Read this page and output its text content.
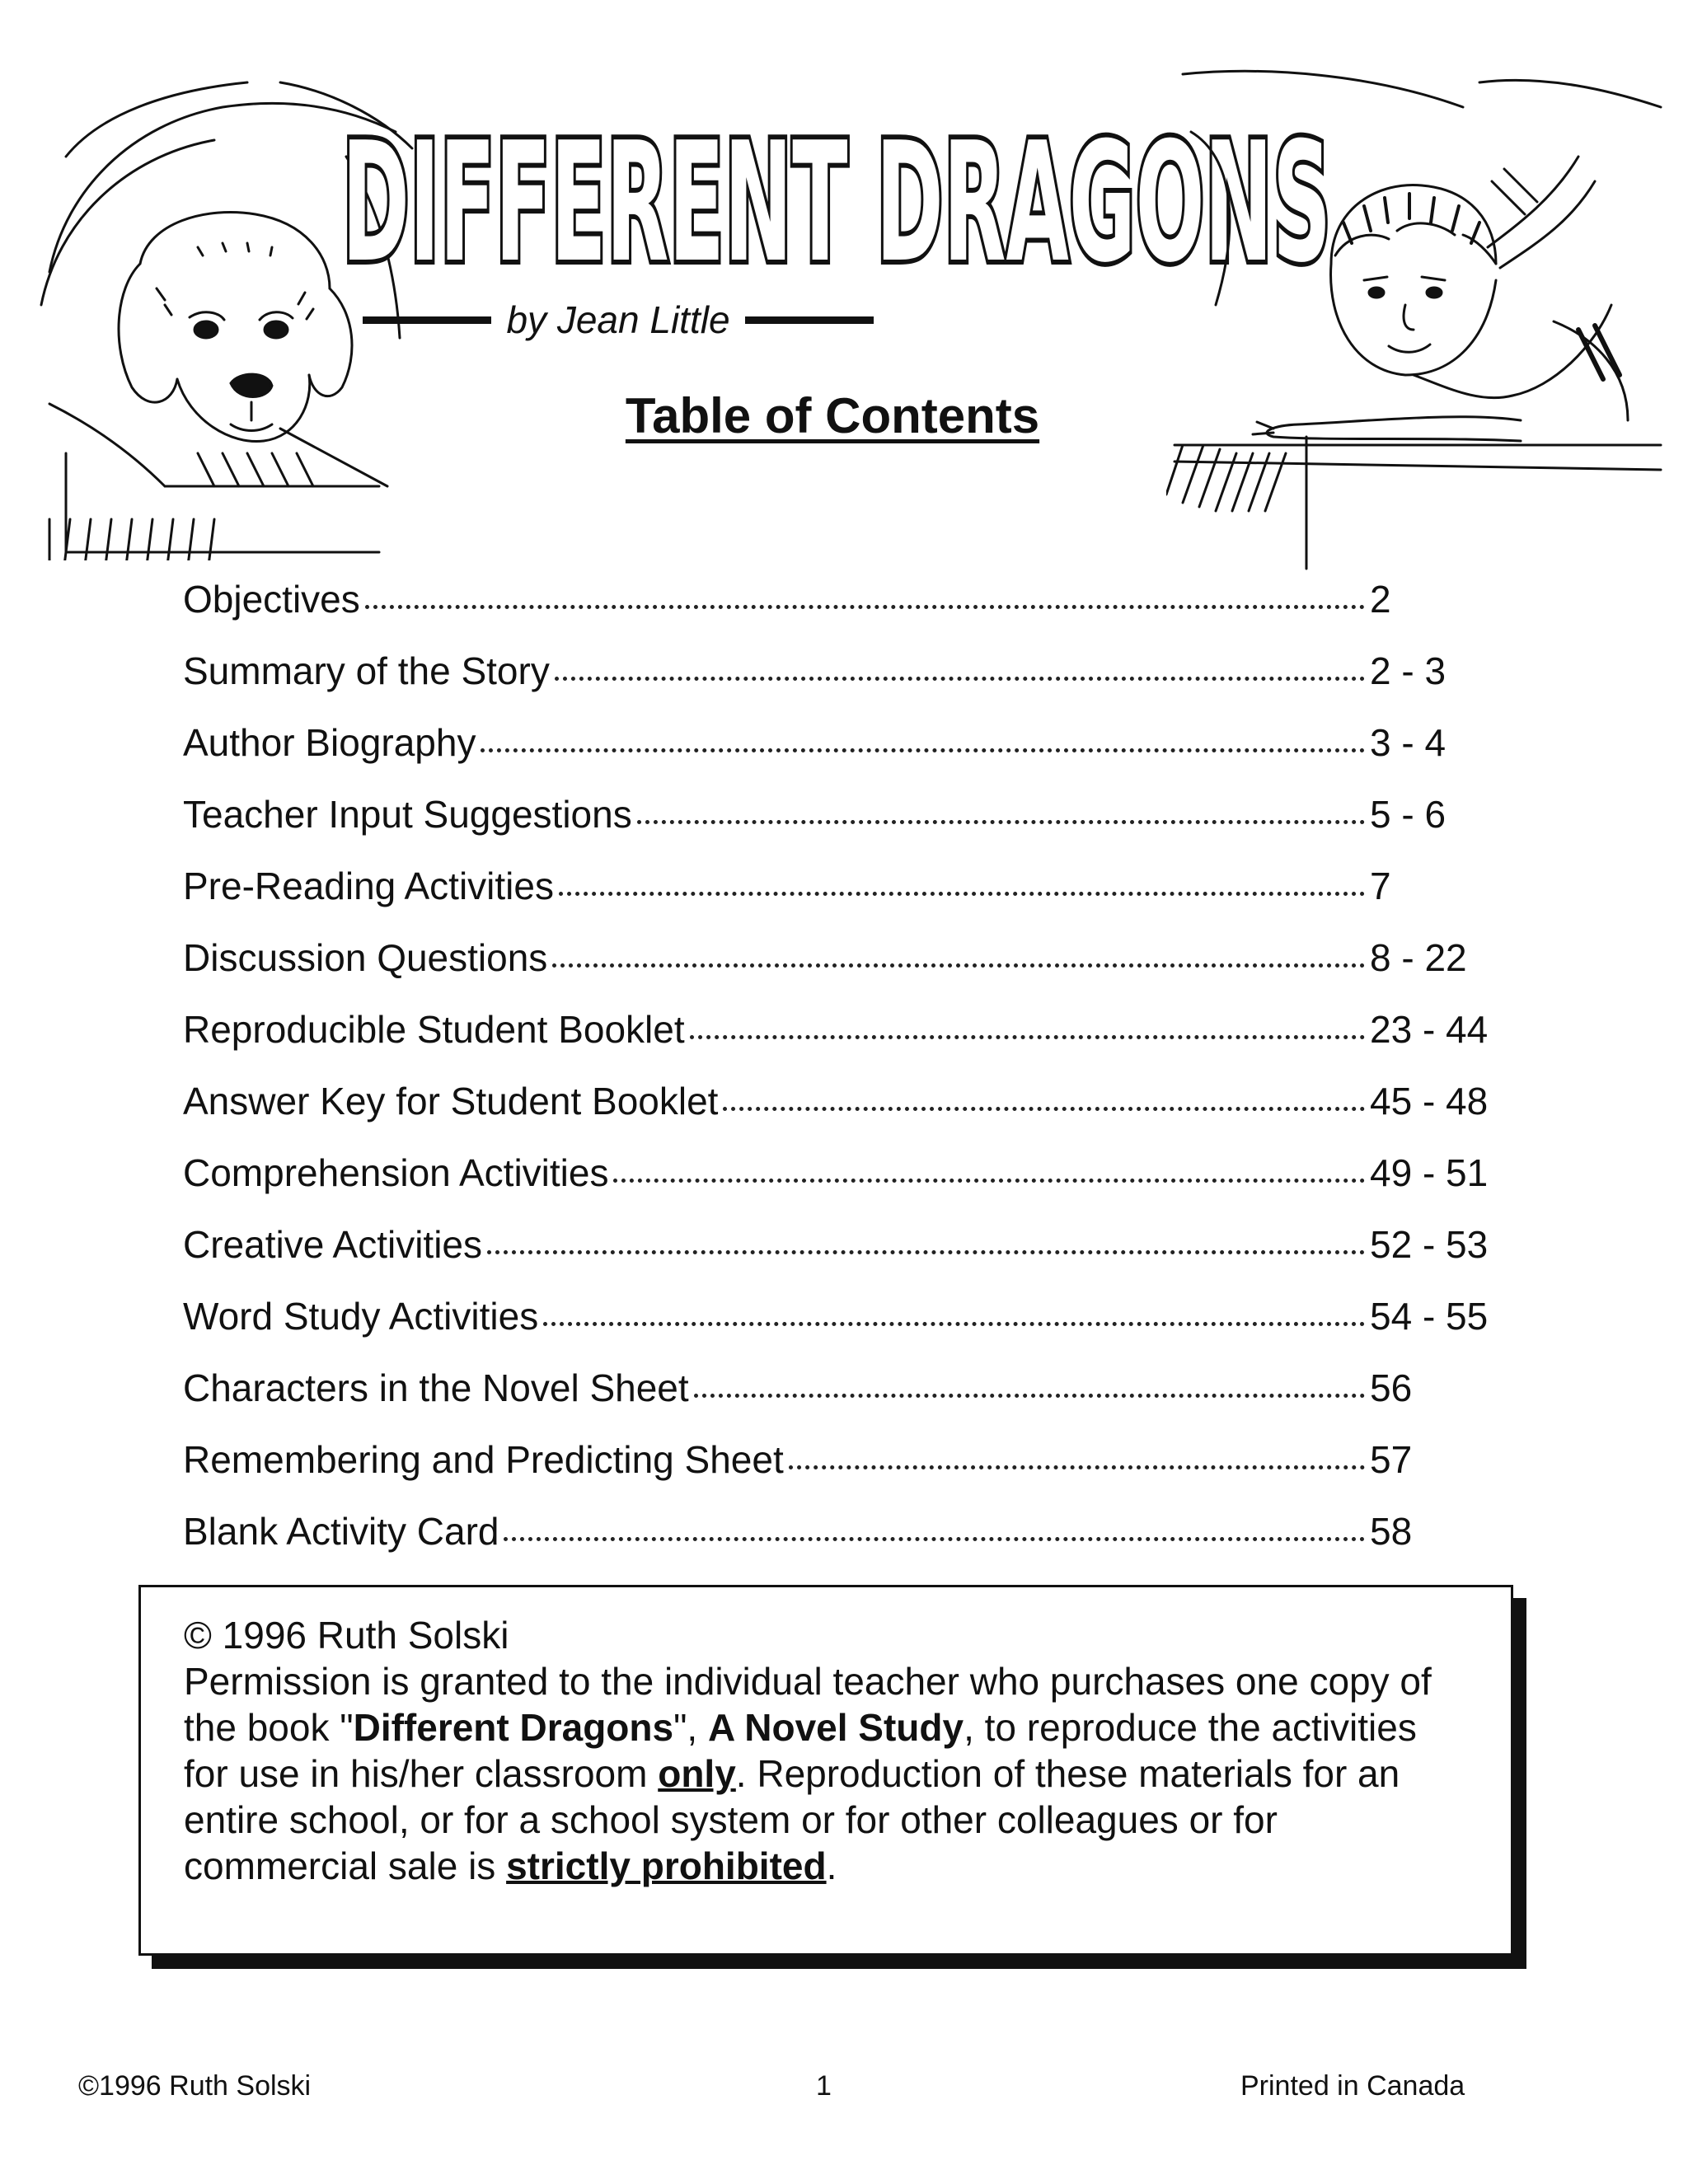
DIFFERENT DRAGONS
DIFFERENT DRAGONS
by Jean Little
Table of Contents
Objectives	2
Summary of the Story	2 - 3
Author Biography	3 - 4
Teacher Input Suggestions	5 - 6
Pre-Reading Activities	7
Discussion Questions	8 - 22
Reproducible Student Booklet	23 - 44
Answer Key for Student Booklet	45 - 48
Comprehension Activities	49 - 51
Creative Activities	52 - 53
Word Study Activities	54 - 55
Characters in the Novel Sheet	56
Remembering and Predicting Sheet	57
Blank Activity Card	58

© 1996 Ruth Solski

Permission is granted to the individual teacher who purchases one copy of the book "Different Dragons", A Novel Study, to reproduce the activities for use in his/her classroom only. Reproduction of these materials for an entire school, or for a school system or for other colleagues or for commercial sale is strictly prohibited.

©1996 Ruth Solski	1	Printed in Canada
